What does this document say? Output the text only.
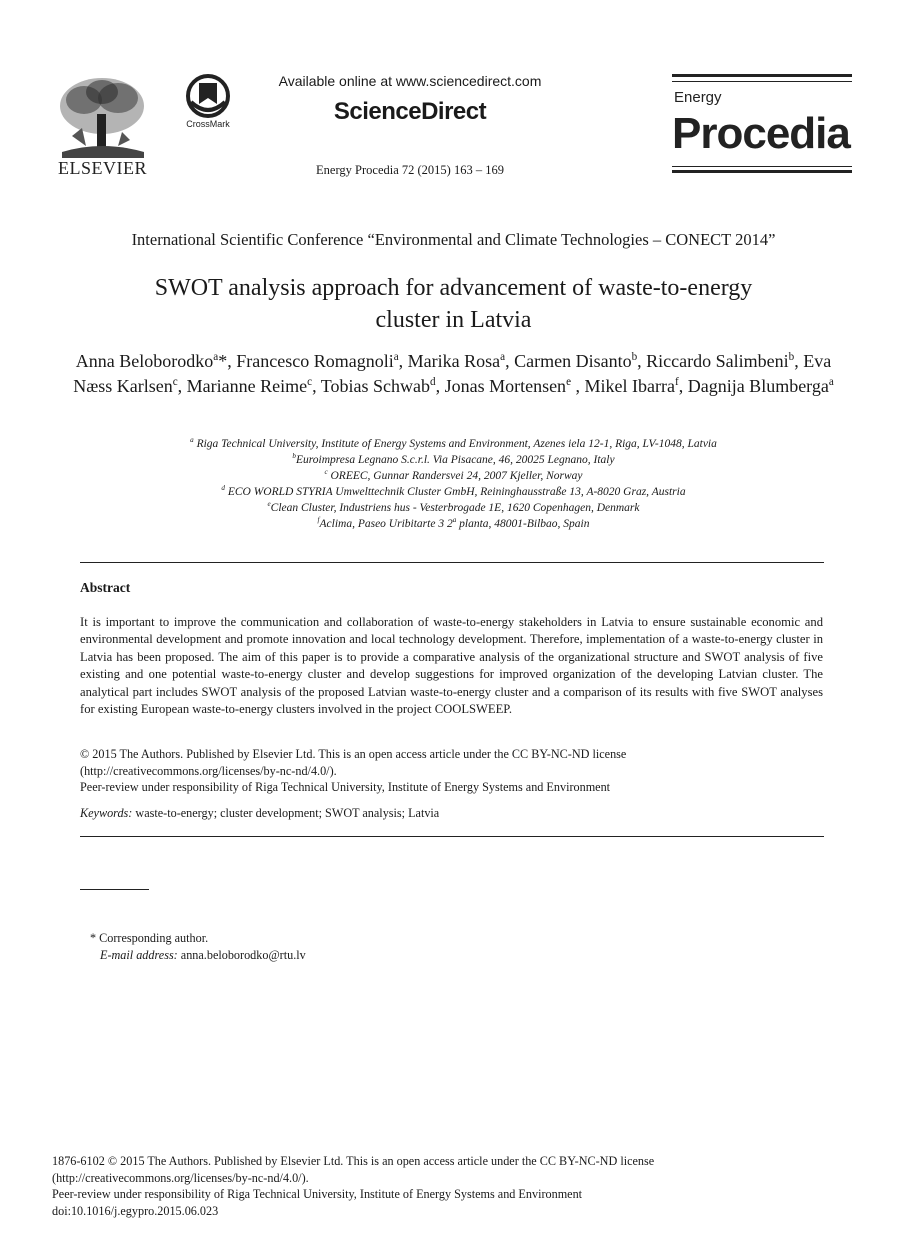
ELSEVIER
CrossMark
Available online at www.sciencedirect.com
ScienceDirect
Energy Procedia 72 (2015) 163 – 169
Energy
Procedia
International Scientific Conference “Environmental and Climate Technologies – CONECT 2014”
SWOT analysis approach for advancement of waste-to-energy
cluster in Latvia
Anna Beloborodko$^a$*, Francesco Romagnoli$^a$, Marika Rosa$^a$, Carmen Disanto$^b$, Riccardo Salimbeni$^b$, Eva Næss Karlsen$^c$, Marianne Reime$^c$, Tobias Schwab$^d$, Jonas Mortensen$^e$ , Mikel Ibarra$^f$, Dagnija Blumberga$^a$
$^a$ Riga Technical University, Institute of Energy Systems and Environment, Azenes iela 12-1, Riga, LV-1048, Latvia
$^b$Euroimpresa Legnano S.c.r.l. Via Pisacane, 46, 20025 Legnano, Italy
$^c$ OREEC, Gunnar Randersvei 24, 2007 Kjeller, Norway
$^d$ ECO WORLD STYRIA Umwelttechnik Cluster GmbH, Reininghausstraße 13, A-8020 Graz, Austria
$^e$Clean Cluster, Industriens hus - Vesterbrogade 1E, 1620 Copenhagen, Denmark
$^f$Aclima, Paseo Uribitarte 3 2$^a$ planta, 48001-Bilbao, Spain
Abstract
It is important to improve the communication and collaboration of waste-to-energy stakeholders in Latvia to ensure sustainable economic and environmental development and promote innovation and local technology development. Therefore, implementation of a waste-to-energy cluster in Latvia has been proposed. The aim of this paper is to provide a comparative analysis of the organizational structure and SWOT analysis of five existing and one potential waste-to-energy cluster and develop suggestions for improved organization of the developing Latvian cluster. The analytical part includes SWOT analysis of the proposed Latvian waste-to-energy cluster and a comparison of its results with five SWOT analyses for existing European waste-to-energy clusters involved in the project COOLSWEEP.
© 2015 The Authors. Published by Elsevier Ltd. This is an open access article under the CC BY-NC-ND license
(http://creativecommons.org/licenses/by-nc-nd/4.0/).
Peer-review under responsibility of Riga Technical University, Institute of Energy Systems and Environment
Keywords: waste-to-energy; cluster development; SWOT analysis; Latvia
* Corresponding author.
E-mail address: anna.beloborodko@rtu.lv
1876-6102 © 2015 The Authors. Published by Elsevier Ltd. This is an open access article under the CC BY-NC-ND license
(http://creativecommons.org/licenses/by-nc-nd/4.0/).
Peer-review under responsibility of Riga Technical University, Institute of Energy Systems and Environment
doi:10.1016/j.egypro.2015.06.023
